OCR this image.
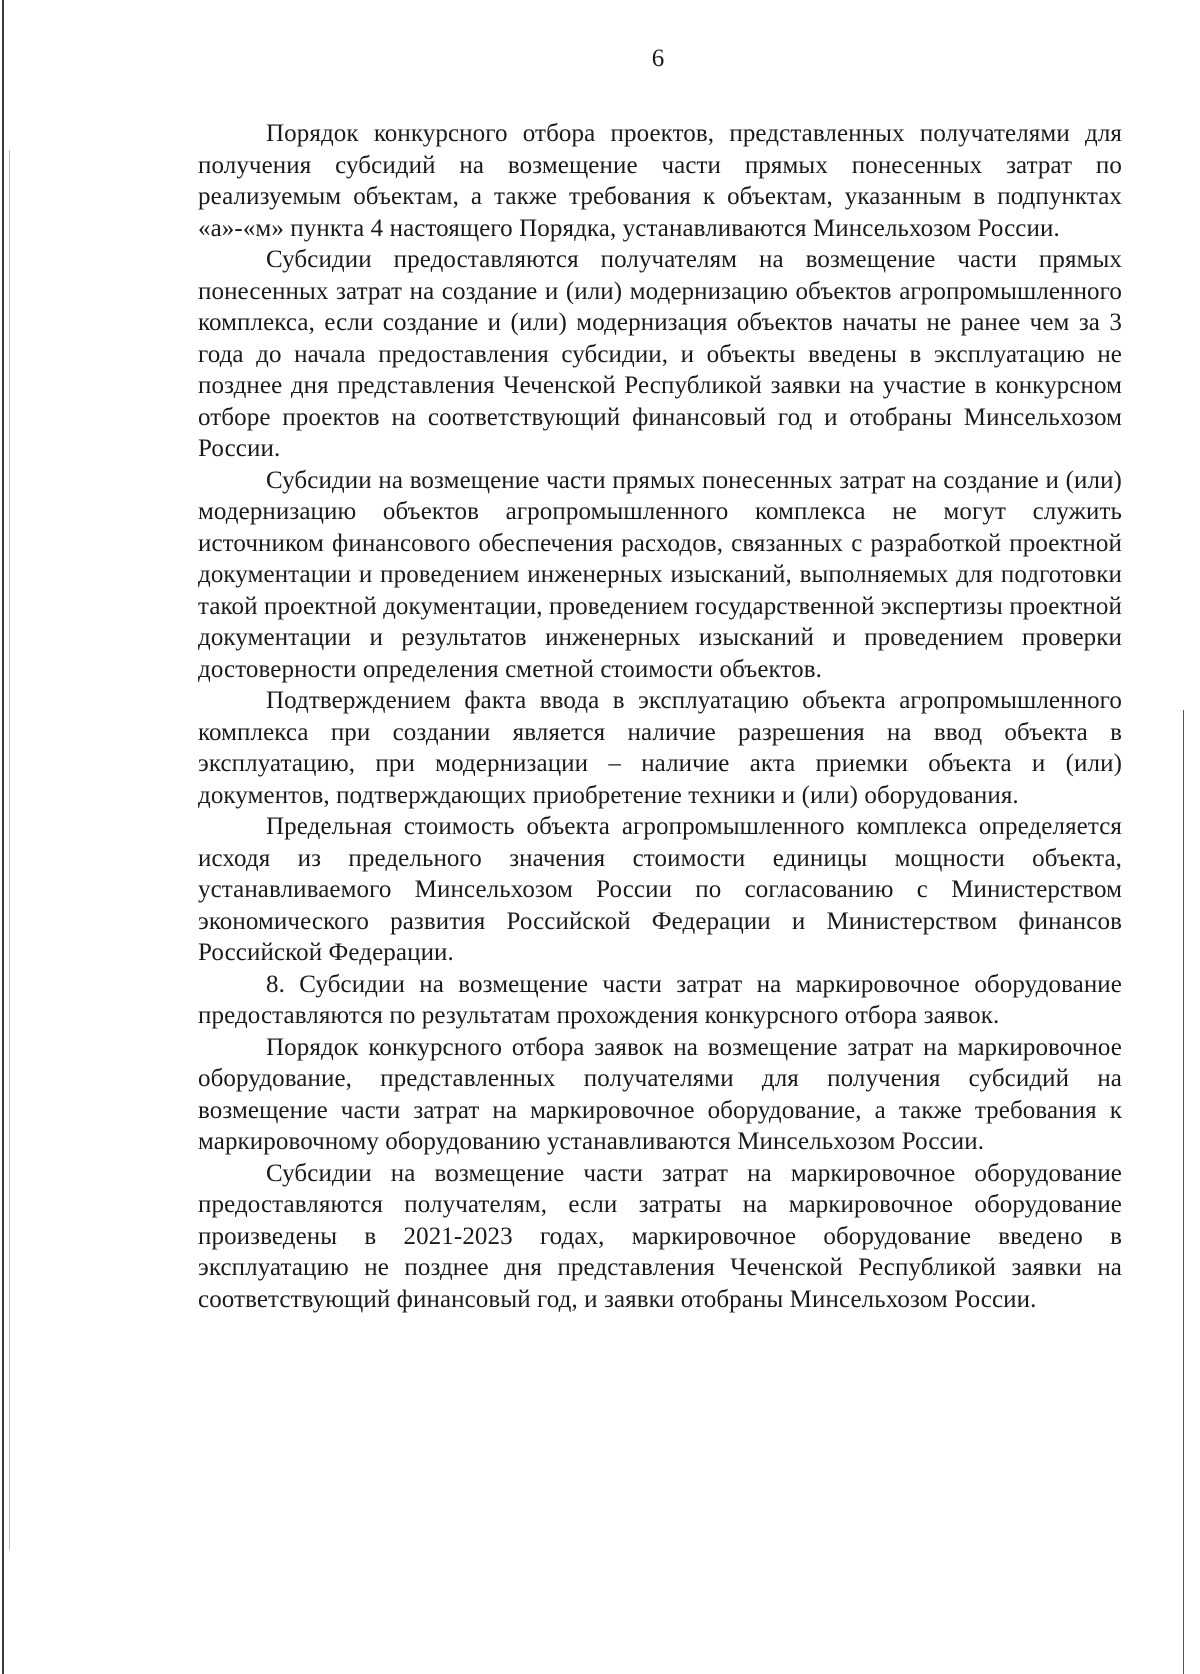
6

Порядок конкурсного отбора проектов, представленных получателями для получения субсидий на возмещение части прямых понесенных затрат по реализуемым объектам, а также требования к объектам, указанным в подпунктах «а»-«м» пункта 4 настоящего Порядка, устанавливаются Минсельхозом России.

Субсидии предоставляются получателям на возмещение части прямых понесенных затрат на создание и (или) модернизацию объектов агропромышленного комплекса, если создание и (или) модернизация объектов начаты не ранее чем за 3 года до начала предоставления субсидии, и объекты введены в эксплуатацию не позднее дня представления Чеченской Республикой заявки на участие в конкурсном отборе проектов на соответствующий финансовый год и отобраны Минсельхозом России.

Субсидии на возмещение части прямых понесенных затрат на создание и (или) модернизацию объектов агропромышленного комплекса не могут служить источником финансового обеспечения расходов, связанных с разработкой проектной документации и проведением инженерных изысканий, выполняемых для подготовки такой проектной документации, проведением государственной экспертизы проектной документации и результатов инженерных изысканий и проведением проверки достоверности определения сметной стоимости объектов.

Подтверждением факта ввода в эксплуатацию объекта агропромышленного комплекса при создании является наличие разрешения на ввод объекта в эксплуатацию, при модернизации – наличие акта приемки объекта и (или) документов, подтверждающих приобретение техники и (или) оборудования.

Предельная стоимость объекта агропромышленного комплекса определяется исходя из предельного значения стоимости единицы мощности объекта, устанавливаемого Минсельхозом России по согласованию с Министерством экономического развития Российской Федерации и Министерством финансов Российской Федерации.

8. Субсидии на возмещение части затрат на маркировочное оборудование предоставляются по результатам прохождения конкурсного отбора заявок.

Порядок конкурсного отбора заявок на возмещение затрат на маркировочное оборудование, представленных получателями для получения субсидий на возмещение части затрат на маркировочное оборудование, а также требования к маркировочному оборудованию устанавливаются Минсельхозом России.

Субсидии на возмещение части затрат на маркировочное оборудование предоставляются получателям, если затраты на маркировочное оборудование произведены в 2021-2023 годах, маркировочное оборудование введено в эксплуатацию не позднее дня представления Чеченской Республикой заявки на соответствующий финансовый год, и заявки отобраны Минсельхозом России.
